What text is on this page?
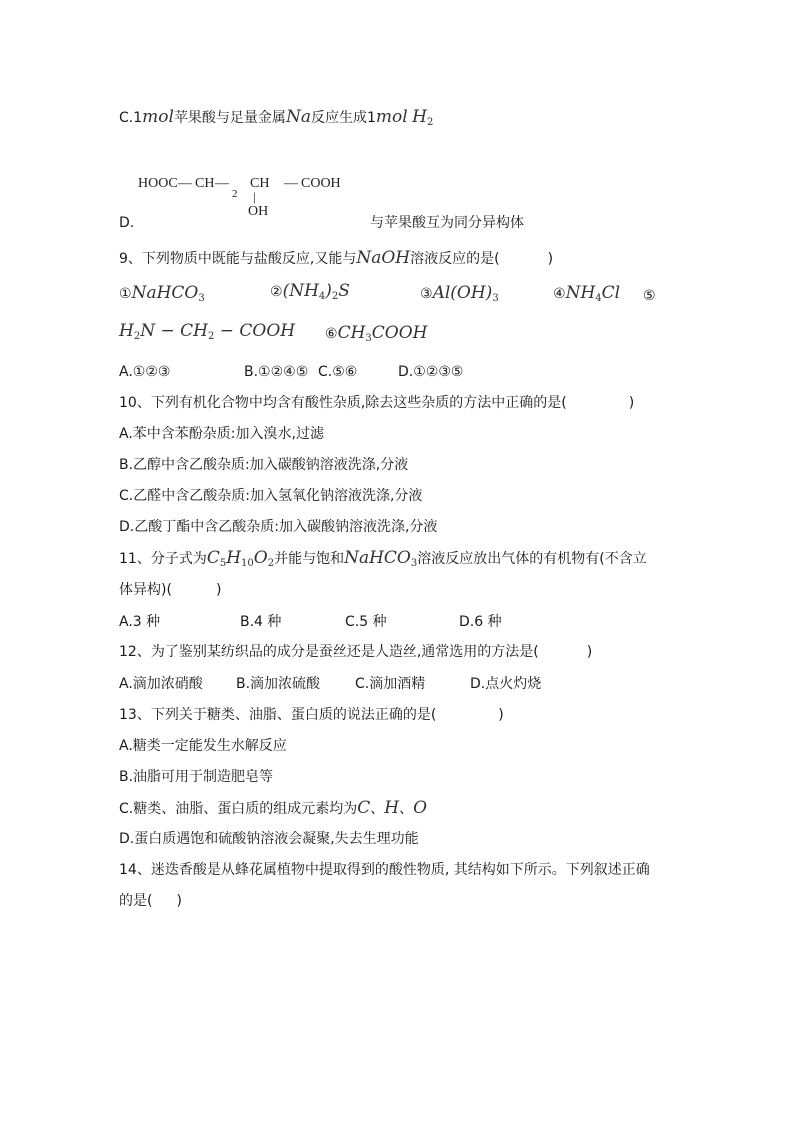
C.1mol苹果酸与足量金属Na反应生成1mol $H_2$
HOOC — CH —
2
CH — COOH
|
OH
D.	与苹果酸互为同分异构体
9、下列物质中既能与盐酸反应,又能与NaOH溶液反应的是(	)
①NaHCO$_3$	$②(NH_4)_2S$	$③Al(OH)_3$	$④NH_4Cl$ ⑤
$H_2N - CH_2$ − COOH $⑥CH_3COOH$
A.①②③	B.①②④⑤ C.⑤⑥	D.①②③⑤
10、下列有机化合物中均含有酸性杂质,除去这些杂质的方法中正确的是(	)
A.苯中含苯酚杂质:加入溴水,过滤
B.乙醇中含乙酸杂质:加入碳酸钠溶液洗涤,分液
C.乙醛中含乙酸杂质:加入氢氧化钠溶液洗涤,分液
D.乙酸丁酯中含乙酸杂质:加入碳酸钠溶液洗涤,分液
11、分子式为$C_5H_{10}O_2$并能与饱和NaHCO$_3$溶液反应放出气体的有机物有(不含立
体异构)(	)
A.3 种	B.4 种	C.5 种	D.6 种
12、为了鉴别某纺织品的成分是蚕丝还是人造丝,通常选用的方法是(	)
A.滴加浓硝酸 B.滴加浓硫酸 C.滴加酒精	D.点火灼烧
13、下列关于糖类、油脂、蛋白质的说法正确的是(	)
A.糖类一定能发生水解反应
B.油脂可用于制造肥皂等
C.糖类、油脂、蛋白质的组成元素均为C、H、O
D.蛋白质遇饱和硫酸钠溶液会凝聚,失去生理功能
14、迷迭香酸是从蜂花属植物中提取得到的酸性物质, 其结构如下所示。下列叙述正确
的是( )
